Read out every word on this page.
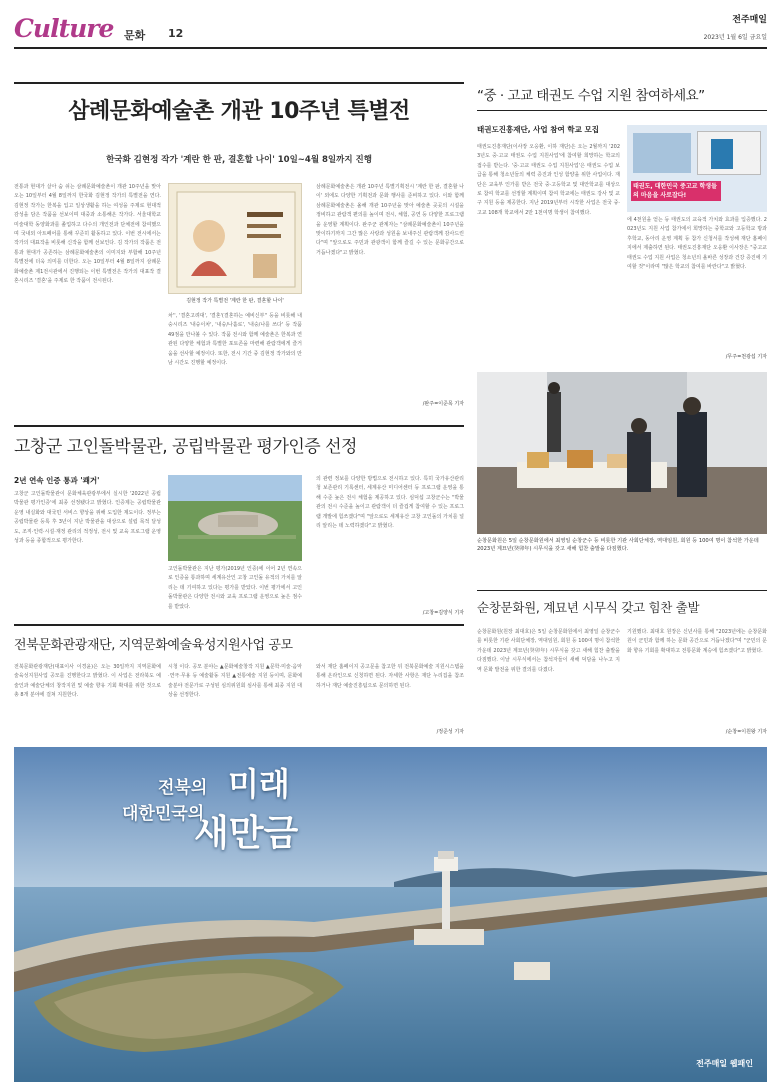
Culture 문화 12
전주매일
2023년 1월 6일 금요일
삼례문화예술촌 개관 10주년 특별전
한국화 김현정 작가 '계란 한 판, 결혼할 나이' 10일~4월 8일까지 진행
전통과 현대가 살아 숨 쉬는 삼례문화예술촌이 개관 10주년을 맞아 오는 10일부터 4월 8일까지 한국화 김현정 작가의 특별전을 연다. 김현정 작가는 한복을 입고 일상생활을 하는 여성을 주제로 현대적 감성을 담은 작품을 선보이며 대중과 소통해온 작가다. 서울대학교 미술대학 동양화과를 졸업하고 다수의 개인전과 단체전에 참여했으며 국내외 아트페어를 통해 꾸준히 활동하고 있다. 이번 전시에서는 작가의 대표작을 비롯해 신작을 함께 선보인다. 김 작가의 작품은 전통과 현대가 공존하는 삼례문화예술촌의 이미지와 부합해 10주년 특별전에 더욱 의미를 더한다. 오는 10일부터 4월 8일까지 삼례문화예술촌 제1전시관에서 진행되는 이번 특별전은 작가의 대표작 결혼시리즈 '결혼'을 주제로 한 작품이 전시된다.
김현정 작가 특별전 '계란 한 판, 결혼할 나이'
차'', '결혼고려대', '결혼'(결혼하는 예비신부'' 등을 비롯해 내숭시리즈 '내숭이차', '내숭/나홀로', '내숭/나를 쓰다' 등 작품 49점을 만나볼 수 있다. 작품 전시와 함께 예술촌은 한복과 연관된 다양한 체험과 특별한 포토존을 마련해 관람객에게 즐거움을 선사할 예정이다. 또한, 전시 기간 중 김현정 작가와의 만남 시간도 진행할 예정이다.
삼례문화예술촌은 개관 10주년 특별기획전시 '계란 한 판, 결혼할 나이' 외에도 다양한 기획전과 문화 행사를 준비하고 있다. 이와 함께 삼례문화예술촌은 올해 개관 10주년을 맞아 예술촌 곳곳의 시설을 정비하고 관람객 편의를 높이며 전시, 체험, 공연 등 다양한 프로그램을 운영할 계획이다. 완주군 관계자는 "삼례문화예술촌이 10주년을 맞이하기까지 그간 많은 사랑과 성원을 보내주신 관람객께 감사드린다"며 "앞으로도 주민과 관광객이 함께 즐길 수 있는 문화공간으로 거듭나겠다"고 밝혔다.
/완주=이준목 기자
“중 · 고교 태권도 수업 지원 참여하세요”
태권도진흥재단, 사업 참여 학교 모집
태권도진흥재단(이사장 오응환, 이하 재단)은 오는 2월까지 '2023년도 중·고교 태권도 수업 지원사업'에 참여할 희망하는 학교의 접수를 받는다. '중·고교 태권도 수업 지원사업'은 태권도 수업 보급을 통해 청소년들의 체력 증진과 인성 함양을 위한 사업이다. 재단은 교육부 인가를 받은 전국 중·고등학교 및 대안학교를 대상으로 참여 학교를 선정할 계획이며 참여 학교에는 태권도 강사 및 교구 지원 등을 제공한다. 지난 2019년부터 시작한 사업은 전국 중·고교 108개 학교에서 2만 1천여명 학생이 참여했다.
태권도, 대한민국 중고교 학생들의 마음을 사로잡다!
에 4천원을 얻는 등 태권도의 교육적 가치와 효과를 입증했다. 2023년도 지원 사업 참가에서 희망하는 중학교와 고등학교 방과후학교, 동아리 운영 계획 등 참가 신청서를 작성해 재단 홈페이지에서 제출하면 된다. 태권도진흥재단 오응환 이사장은 "중고교 태권도 수업 지원 사업은 청소년의 올바른 성장과 건강 증진에 기여할 것"이라며 "많은 학교의 참여를 바란다"고 밝혔다.
/무주=천광섭 기자
순창문화원은 5일 순창문화원에서 최영일 순창군수 등 비롯한 기관 사회단체장, 역대임원, 회원 등 100여 명이 참석한 가운데 2023년 계묘년(癸卯年) 시무식을 갖고 새해 힘찬 출발을 다짐했다.
고창군 고인돌박물관, 공립박물관 평가인증 선정
2년 연속 인증 통과 '쾌거'
고창군 고인돌박물관이 문화체육관광부에서 실시한 '2022년 공립박물관 평가인증'에 최종 선정됐다고 밝혔다. 인증제는 공립박물관 운영 내실화와 대국민 서비스 향상을 위해 도입한 제도이다. 정부는 공립박물관 등록 후 3년이 지난 박물관을 대상으로 설립 목적 달성도, 조직·인력·시설·재정 관리의 적정성, 전시 및 교육 프로그램 운영 성과 등을 종합적으로 평가한다.
고인돌박물관은 지난 평가(2019년 인증)에 이어 2년 연속으로 인증을 통과하며 세계유산인 고창 고인돌 유적의 가치를 알리는 데 기여하고 있다는 평가를 받았다. 이번 평가에서 고인돌박물관은 다양한 전시와 교육 프로그램 운영으로 높은 점수를 받았다.
의 관련 정보를 다양한 방법으로 전시하고 있다. 특히 국가유산관리청 보존관리 기록센터, 세계유산 미디어센터 등 프로그램 운영을 통해 수준 높은 전시 체험을 제공하고 있다. 심덕섭 고창군수는 "박물관의 전시 수준을 높이고 관람객이 더 즐겁게 참여할 수 있는 프로그램 개발에 힘쓰겠다"며 "앞으로도 세계유산 고창 고인돌의 가치를 널리 알리는 데 노력하겠다"고 밝혔다.
/고창=김양식 기자
전북문화관광재단, 지역문화예술육성지원사업 공모
전북문화관광재단(대표이사 이경윤)은 오는 30일까지 지역문화예술육성지원사업 공모를 진행한다고 밝혔다. 이 사업은 전라북도 예술인과 예술단체의 창작지원 및 예술 향유 기회 확대를 위한 것으로 총 8개 분야에 걸쳐 지원한다.
시청 이다. 공모 분야는 ▲문화예술창작 지원 ▲문학·미술·음악·연극·무용 등 예술활동 지원 ▲전통예술 지원 등이며, 문화예술분야 전문가로 구성된 심의위원회 심사를 통해 최종 지원 대상을 선정한다.
와서 재단 홈페이지 공고문을 참고한 뒤 전북문화예술 지원시스템을 통해 온라인으로 신청하면 된다. 자세한 사항은 재단 누리집을 참조하거나 재단 예술진흥팀으로 문의하면 된다.
/정준성 기자
순창문화원, 계묘년 시무식 갖고 힘찬 출발
순창문화원(원장 최대호)은 5일 순창문화원에서 최영일 순창군수를 비롯한 기관 사회단체장, 역대임원, 회원 등 100여 명이 참석한 가운데 2023년 계묘년(癸卯年) 시무식을 갖고 새해 힘찬 출발을 다짐했다. 이날 시무식에서는 참석자들이 새해 덕담을 나누고 지역 문화 발전을 위한 결의를 다졌다.
기원했다. 최대호 원장은 신년사를 통해 "2023년에는 순창문화원이 군민과 함께 하는 문화 공간으로 거듭나겠다"며 "군민의 문화 향유 기회를 확대하고 전통문화 계승에 힘쓰겠다"고 밝혔다.
/순창=이원왕 기자
전북의
대한민국의
미래
새만금
전주매일 웹패인
